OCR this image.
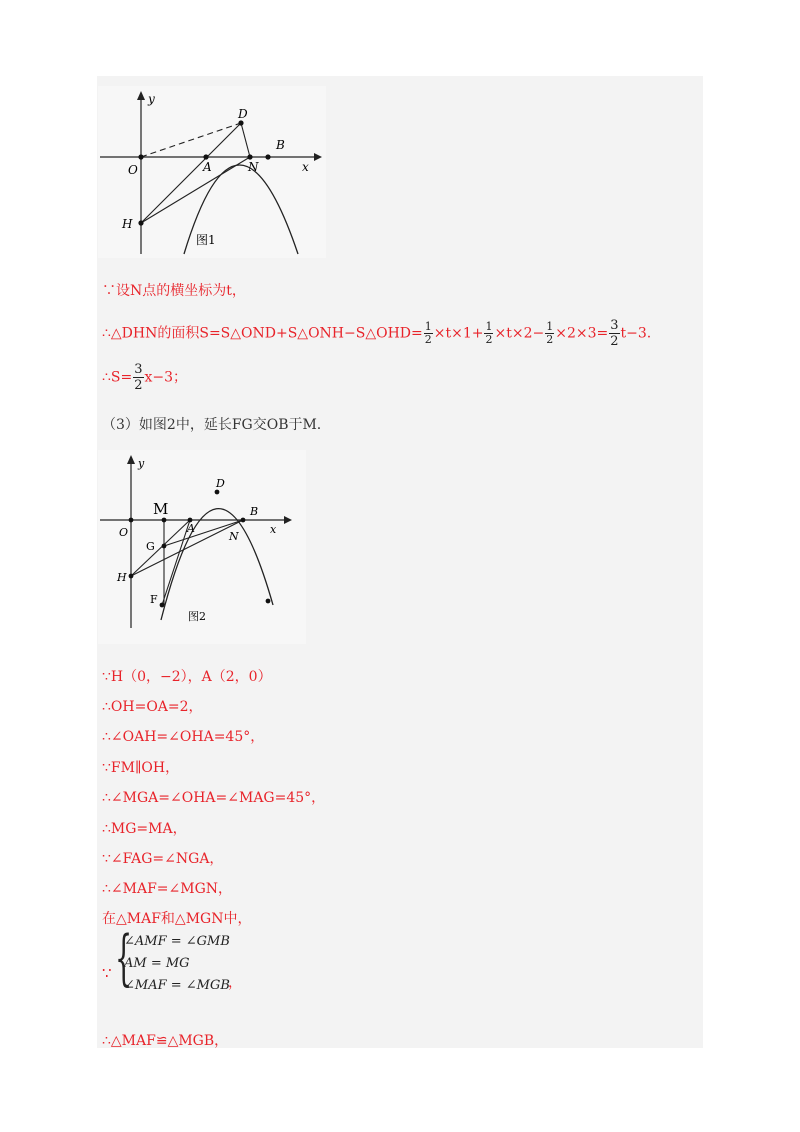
y
x
O
D
B
A	N
H
图1
∵设N点的横坐标为t，
∴△DHN的面积S=S△OND+S△ONH−S△OHD= $\frac{1}{2} \times t\times 1+ \frac{1}{2} \times t\times 2- \frac{1}{2} \times 2\times 3= \frac{3}{2} t-3$.
∴S= $\frac{3}{2} x-3$；
（3）如图2中，延长FG交OB于M.
y
x
O
M
D
B
A
N
G
H
F
图2
∵H（0，−2），A（2，0）
∴OH=OA=2，
∴∠OAH=∠OHA=45°，
∵FM∥OH，
∴∠MGA=∠OHA=∠MAG=45°，
∴MG=MA，
∵∠FAG=∠NGA，
∴∠MAF=∠MGN，
在△MAF和△MGN中，
∵ {
∠AMF = ∠GMB
AM = MG
∠MAF = ∠MGB
，
∴△MAF≌△MGB，
